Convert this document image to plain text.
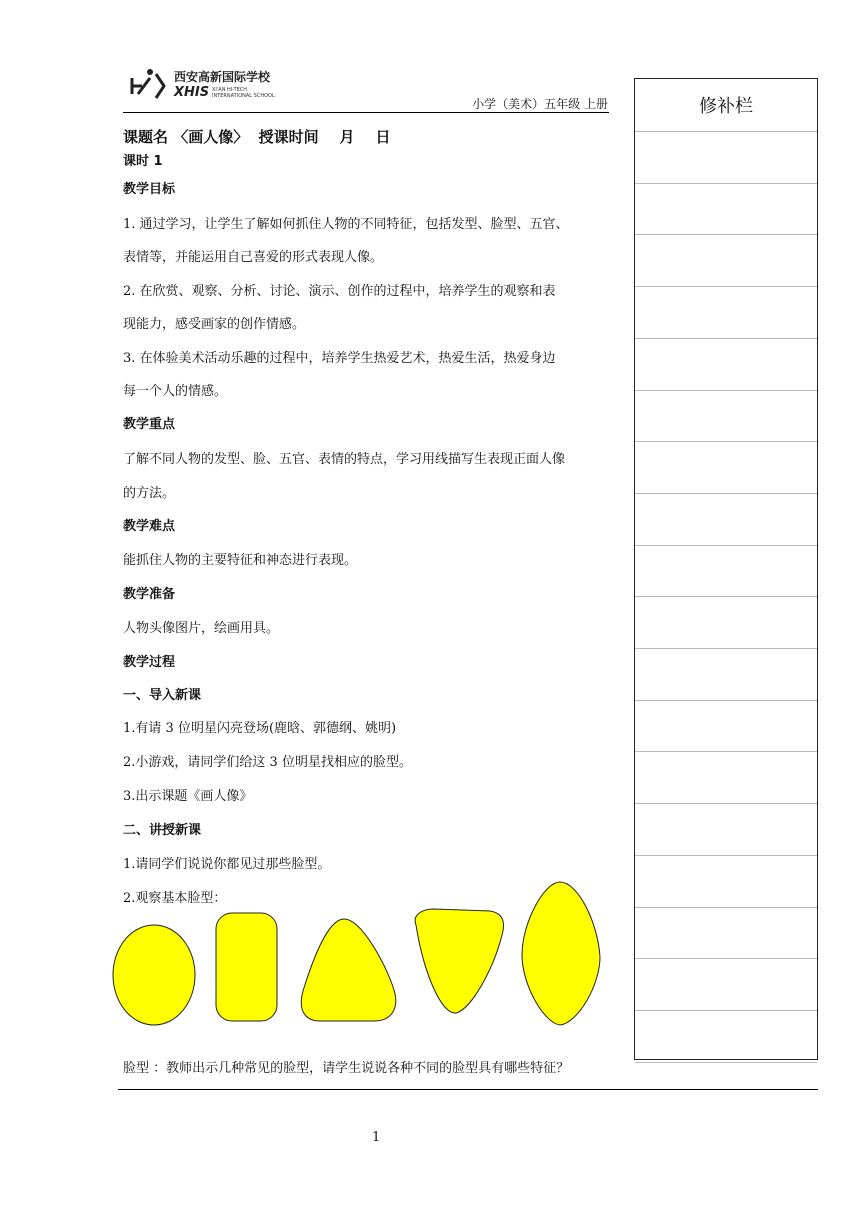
西安高新国际学校
XHIS XI'AN HI-TECH
INTERNATIONAL SCHOOL
小学（美术）五年级 上册	修补栏
课题名 〈画人像〉  授课时间    月    日
课时 1
教学目标
1. 通过学习，让学生了解如何抓住人物的不同特征，包括发型、脸型、五官、
表情等，并能运用自己喜爱的形式表现人像。
2. 在欣赏、观察、分析、讨论、演示、创作的过程中，培养学生的观察和表
现能力，感受画家的创作情感。
3. 在体验美术活动乐趣的过程中，培养学生热爱艺术，热爱生活，热爱身边
每一个人的情感。
教学重点
了解不同人物的发型、脸、五官、表情的特点，学习用线描写生表现正面人像
的方法。
教学难点
能抓住人物的主要特征和神态进行表现。
教学准备
人物头像图片，绘画用具。
教学过程
一、导入新课
1.有请 3 位明星闪亮登场(鹿晗、郭德纲、姚明)
2.小游戏，请同学们给这 3 位明星找相应的脸型。
3.出示课题《画人像》
二、讲授新课
1.请同学们说说你都见过那些脸型。
2.观察基本脸型：
脸型 ：教师出示几种常见的脸型，请学生说说各种不同的脸型具有哪些特征？
1
